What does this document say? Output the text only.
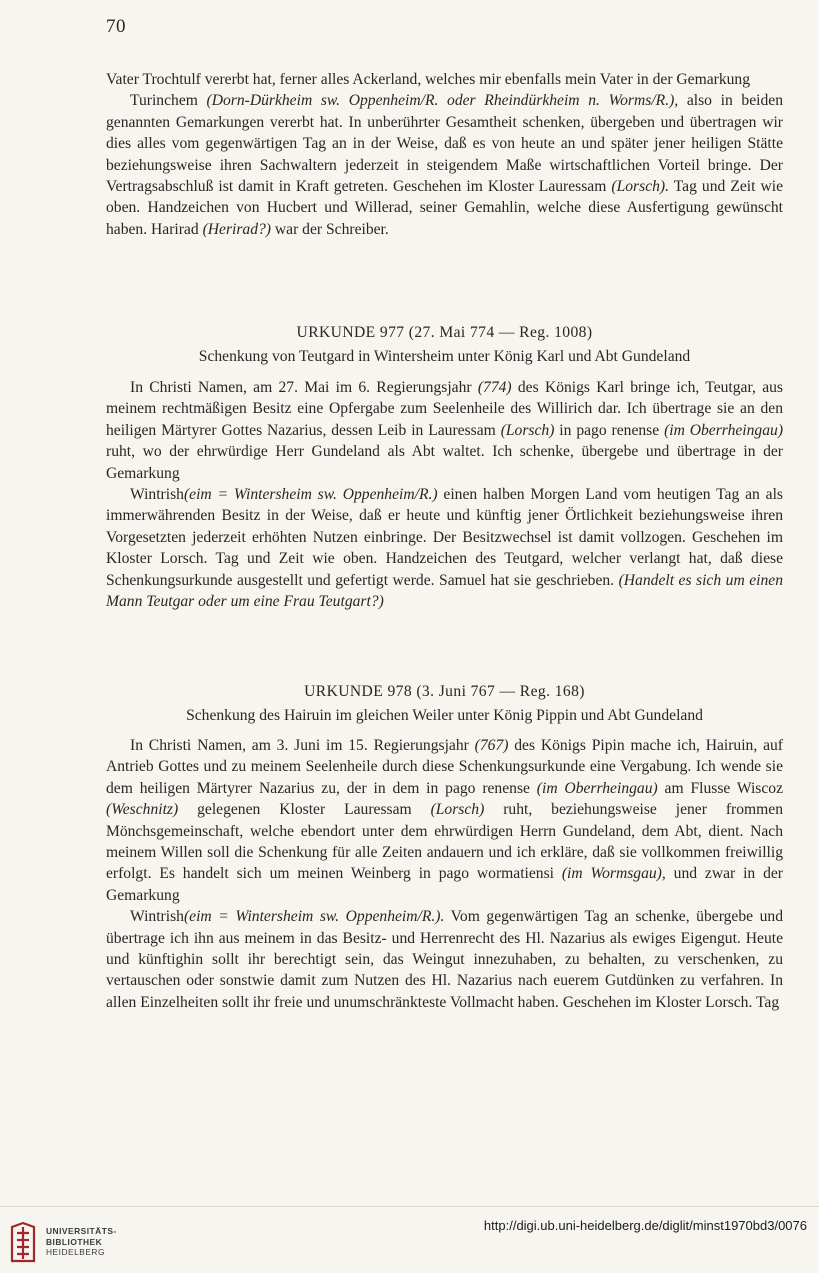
70

Vater Trochtulf vererbt hat, ferner alles Ackerland, welches mir ebenfalls mein Vater in der Gemarkung

Turinchem (Dorn-Dürkheim sw. Oppenheim/R. oder Rheindürkheim n. Worms/R.), also in beiden genannten Gemarkungen vererbt hat. In unberührter Gesamtheit schenken, übergeben und übertragen wir dies alles vom gegenwärtigen Tag an in der Weise, daß es von heute an und später jener heiligen Stätte beziehungsweise ihren Sachwaltern jederzeit in steigendem Maße wirtschaftlichen Vorteil bringe. Der Vertragsabschluß ist damit in Kraft getreten. Geschehen im Kloster Lauressam (Lorsch). Tag und Zeit wie oben. Handzeichen von Hucbert und Willerad, seiner Gemahlin, welche diese Ausfertigung gewünscht haben. Harirad (Herirad?) war der Schreiber.

URKUNDE 977 (27. Mai 774 — Reg. 1008)
Schenkung von Teutgard in Wintersheim unter König Karl und Abt Gundeland

In Christi Namen, am 27. Mai im 6. Regierungsjahr (774) des Königs Karl bringe ich, Teutgar, aus meinem rechtmäßigen Besitz eine Opfergabe zum Seelenheile des Willirich dar. Ich übertrage sie an den heiligen Märtyrer Gottes Nazarius, dessen Leib in Lauressam (Lorsch) in pago renense (im Oberrheingau) ruht, wo der ehrwürdige Herr Gundeland als Abt waltet. Ich schenke, übergebe und übertrage in der Gemarkung

Wintrish(eim = Wintersheim sw. Oppenheim/R.) einen halben Morgen Land vom heutigen Tag an als immerwährenden Besitz in der Weise, daß er heute und künftig jener Örtlichkeit beziehungsweise ihren Vorgesetzten jederzeit erhöhten Nutzen einbringe. Der Besitzwechsel ist damit vollzogen. Geschehen im Kloster Lorsch. Tag und Zeit wie oben. Handzeichen des Teutgard, welcher verlangt hat, daß diese Schenkungsurkunde ausgestellt und gefertigt werde. Samuel hat sie geschrieben. (Handelt es sich um einen Mann Teutgar oder um eine Frau Teutgart?)

URKUNDE 978 (3. Juni 767 — Reg. 168)
Schenkung des Hairuin im gleichen Weiler unter König Pippin und Abt Gundeland

In Christi Namen, am 3. Juni im 15. Regierungsjahr (767) des Königs Pipin mache ich, Hairuin, auf Antrieb Gottes und zu meinem Seelenheile durch diese Schenkungsurkunde eine Vergabung. Ich wende sie dem heiligen Märtyrer Nazarius zu, der in dem in pago renense (im Oberrheingau) am Flusse Wiscoz (Weschnitz) gelegenen Kloster Lauressam (Lorsch) ruht, beziehungsweise jener frommen Mönchsgemeinschaft, welche ebendort unter dem ehrwürdigen Herrn Gundeland, dem Abt, dient. Nach meinem Willen soll die Schenkung für alle Zeiten andauern und ich erkläre, daß sie vollkommen freiwillig erfolgt. Es handelt sich um meinen Weinberg in pago wormatiensi (im Wormsgau), und zwar in der Gemarkung

Wintrish(eim = Wintersheim sw. Oppenheim/R.). Vom gegenwärtigen Tag an schenke, übergebe und übertrage ich ihn aus meinem in das Besitz- und Herrenrecht des Hl. Nazarius als ewiges Eigengut. Heute und künftighin sollt ihr berechtigt sein, das Weingut innezuhaben, zu behalten, zu verschenken, zu vertauschen oder sonstwie damit zum Nutzen des Hl. Nazarius nach euerem Gutdünken zu verfahren. In allen Einzelheiten sollt ihr freie und unumschränkteste Vollmacht haben. Geschehen im Kloster Lorsch. Tag

UNIVERSITÄTS-
BIBLIOTHEK
HEIDELBERG
http://digi.ub.uni-heidelberg.de/diglit/minst1970bd3/0076
